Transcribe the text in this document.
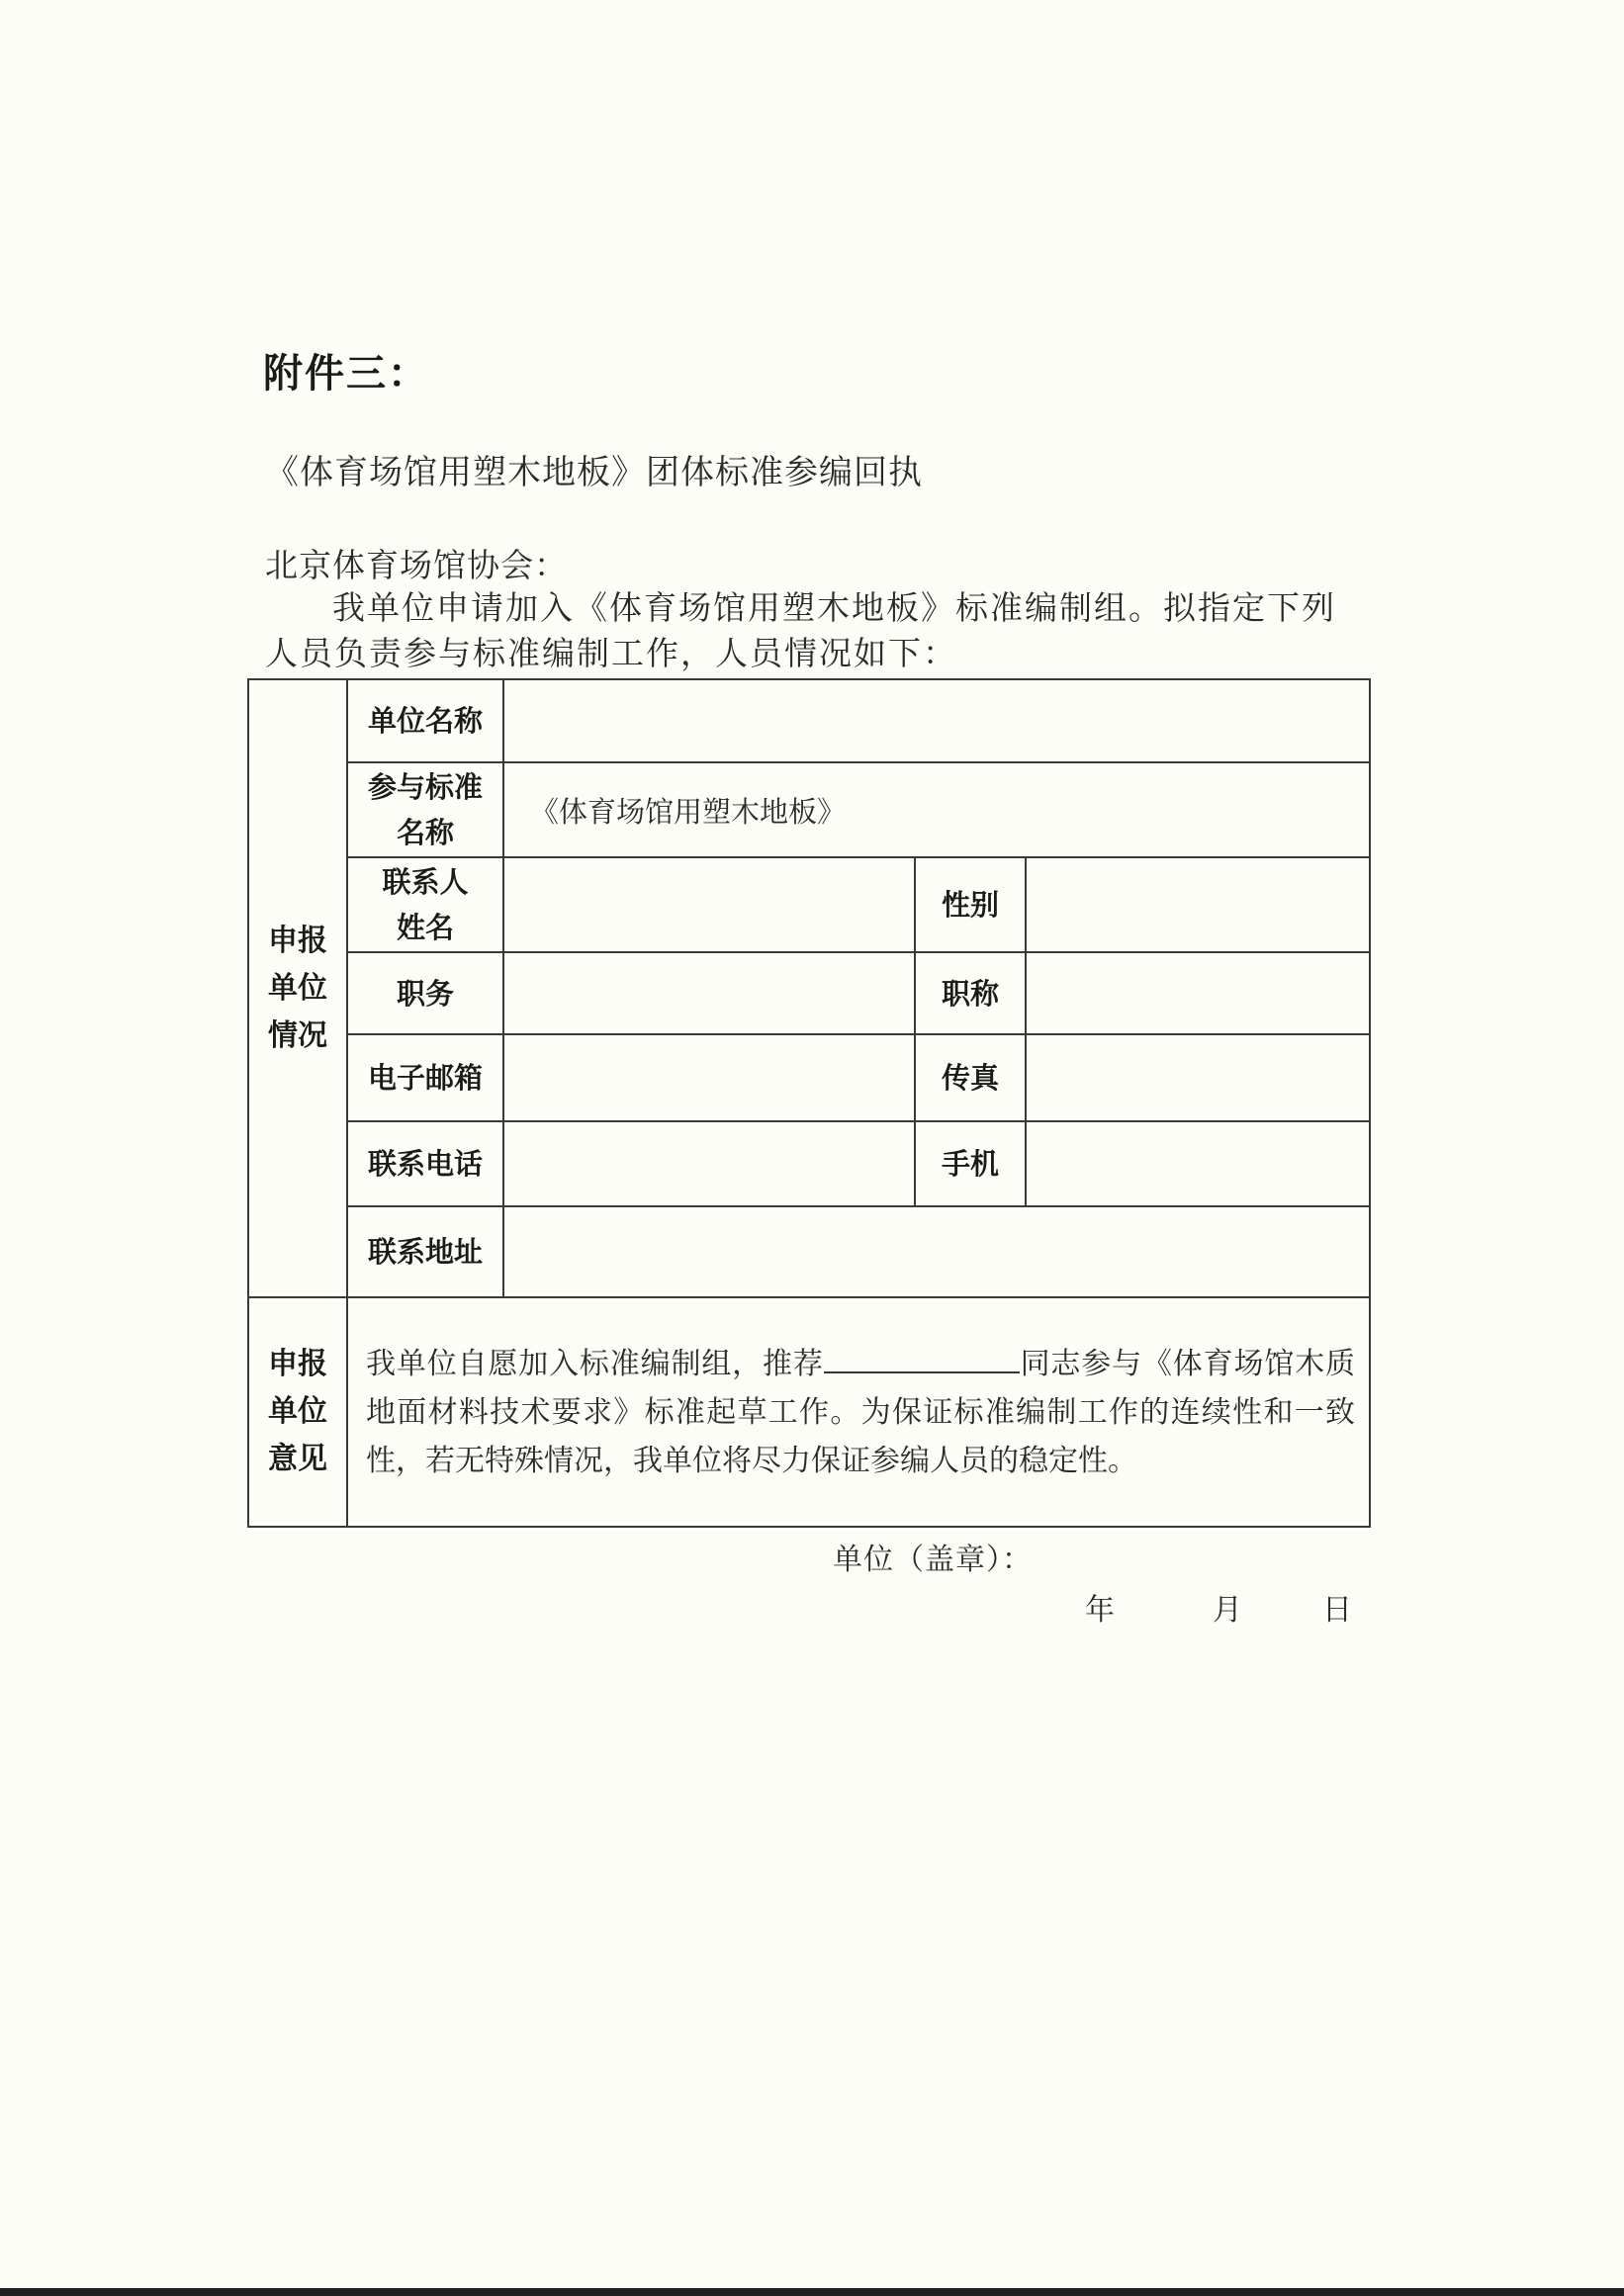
附件三：
《体育场馆用塑木地板》团体标准参编回执
北京体育场馆协会：
我单位申请加入《体育场馆用塑木地板》标准编制组。拟指定下列人员负责参与标准编制工作，人员情况如下：
申报
单位
情况	单位名称			

	参与标准
名称	《体育场馆用塑木地板》		

	联系人
姓名		性别	
	职务		职称	
	电子邮箱		传真	
	联系电话		手机	
	联系地址			

申报
单位
意见	我单位自愿加入标准编制组，推荐 同志参与《体育场馆木质地面材料技术要求》标准起草工作。为保证标准编制工作的连续性和一致性，若无特殊情况，我单位将尽力保证参编人员的稳定性。			
单位（盖章）：
年	月	日
